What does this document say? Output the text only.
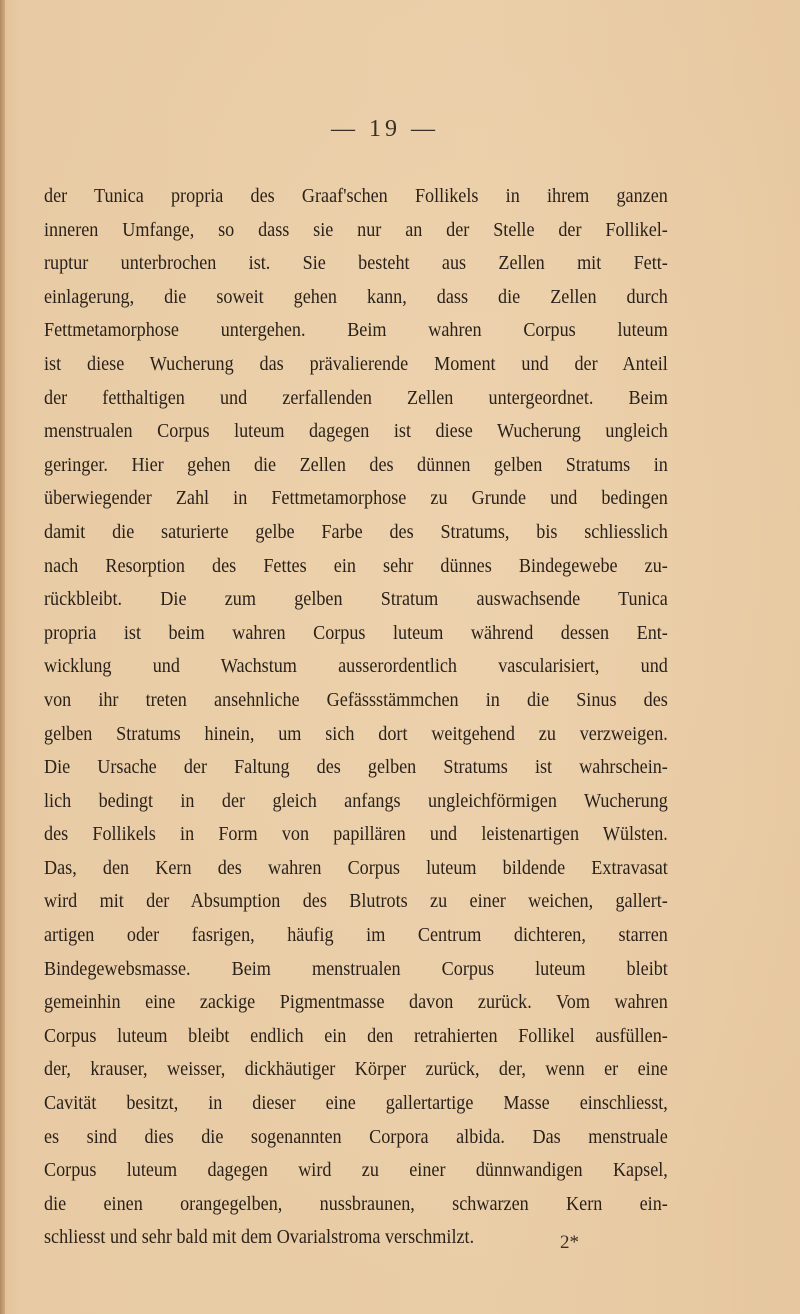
— 19 —
der Tunica propria des Graaf'schen Follikels in ihrem ganzen
inneren Umfange, so dass sie nur an der Stelle der Follikel-
ruptur unterbrochen ist. Sie besteht aus Zellen mit Fett-
einlagerung, die soweit gehen kann, dass die Zellen durch
Fettmetamorphose untergehen. Beim wahren Corpus luteum
ist diese Wucherung das prävalierende Moment und der Anteil
der fetthaltigen und zerfallenden Zellen untergeordnet. Beim
menstrualen Corpus luteum dagegen ist diese Wucherung ungleich
geringer. Hier gehen die Zellen des dünnen gelben Stratums in
überwiegender Zahl in Fettmetamorphose zu Grunde und bedingen
damit die saturierte gelbe Farbe des Stratums, bis schliesslich
nach Resorption des Fettes ein sehr dünnes Bindegewebe zu-
rückbleibt. Die zum gelben Stratum auswachsende Tunica
propria ist beim wahren Corpus luteum während dessen Ent-
wicklung und Wachstum ausserordentlich vascularisiert, und
von ihr treten ansehnliche Gefässstämmchen in die Sinus des
gelben Stratums hinein, um sich dort weitgehend zu verzweigen.
Die Ursache der Faltung des gelben Stratums ist wahrschein-
lich bedingt in der gleich anfangs ungleichförmigen Wucherung
des Follikels in Form von papillären und leistenartigen Wülsten.
Das, den Kern des wahren Corpus luteum bildende Extravasat
wird mit der Absumption des Blutrots zu einer weichen, gallert-
artigen oder fasrigen, häufig im Centrum dichteren, starren
Bindegewebsmasse. Beim menstrualen Corpus luteum bleibt
gemeinhin eine zackige Pigmentmasse davon zurück. Vom wahren
Corpus luteum bleibt endlich ein den retrahierten Follikel ausfüllen-
der, krauser, weisser, dickhäutiger Körper zurück, der, wenn er eine
Cavität besitzt, in dieser eine gallertartige Masse einschliesst,
es sind dies die sogenannten Corpora albida. Das menstruale
Corpus luteum dagegen wird zu einer dünnwandigen Kapsel,
die einen orangegelben, nussbraunen, schwarzen Kern ein-
schliesst und sehr bald mit dem Ovarialstroma verschmilzt.	2*
